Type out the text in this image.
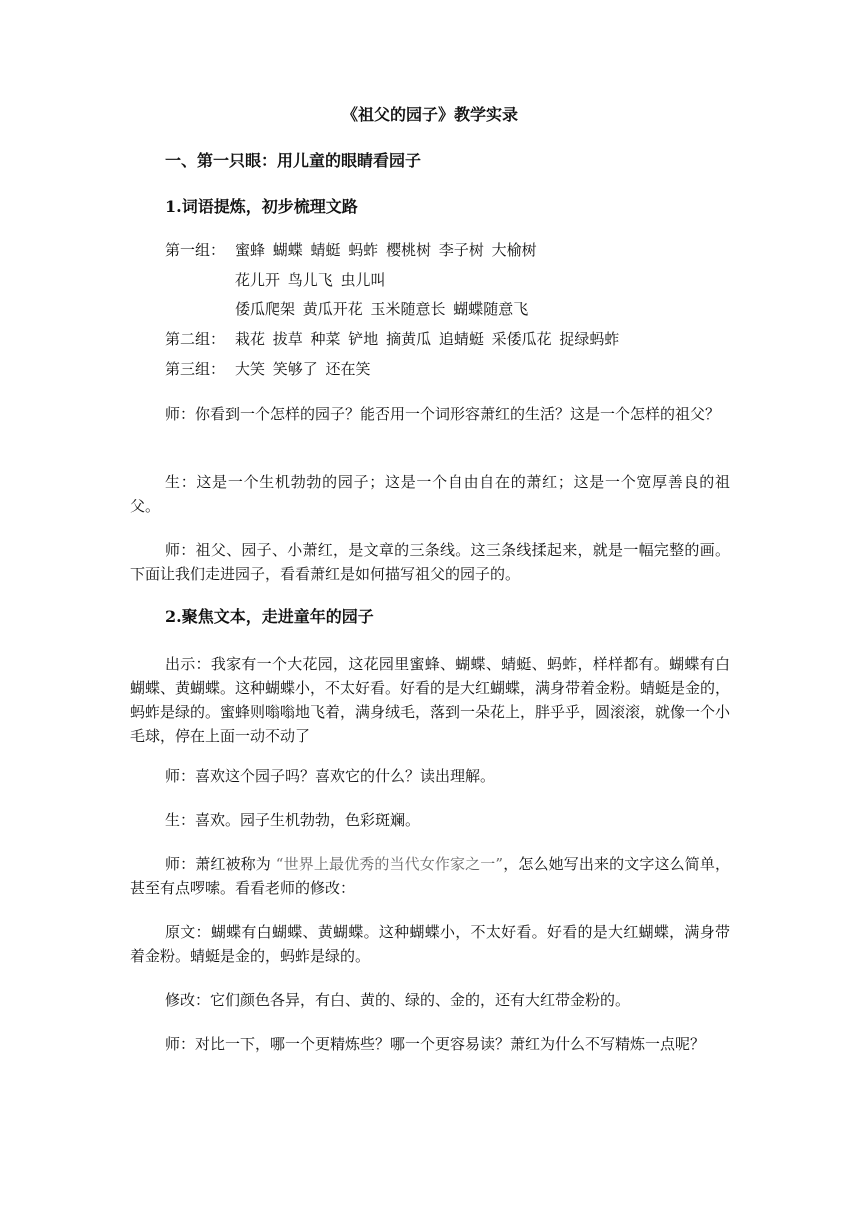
《祖父的园子》教学实录
一、第一只眼：用儿童的眼睛看园子
1.词语提炼，初步梳理文路
第一组： 蜜蜂 蝴蝶 蜻蜓 蚂蚱 樱桃树 李子树 大榆树
花儿开 鸟儿飞 虫儿叫
倭瓜爬架 黄瓜开花 玉米随意长 蝴蝶随意飞
第二组： 栽花 拔草 种菜 铲地 摘黄瓜 追蜻蜓 采倭瓜花 捉绿蚂蚱
第三组： 大笑 笑够了 还在笑
师：你看到一个怎样的园子？能否用一个词形容萧红的生活？这是一个怎样的祖父？
生：这是一个生机勃勃的园子；这是一个自由自在的萧红；这是一个宽厚善良的祖父。
师：祖父、园子、小萧红，是文章的三条线。这三条线揉起来，就是一幅完整的画。下面让我们走进园子，看看萧红是如何描写祖父的园子的。
2.聚焦文本，走进童年的园子
出示：我家有一个大花园，这花园里蜜蜂、蝴蝶、蜻蜓、蚂蚱，样样都有。蝴蝶有白蝴蝶、黄蝴蝶。这种蝴蝶小，不太好看。好看的是大红蝴蝶，满身带着金粉。蜻蜓是金的，蚂蚱是绿的。蜜蜂则嗡嗡地飞着，满身绒毛，落到一朵花上，胖乎乎，圆滚滚，就像一个小毛球，停在上面一动不动了
师：喜欢这个园子吗？喜欢它的什么？读出理解。
生：喜欢。园子生机勃勃，色彩斑斓。
师：萧红被称为 “世界上最优秀的当代女作家之一”，怎么她写出来的文字这么简单，甚至有点啰嗦。看看老师的修改：
原文：蝴蝶有白蝴蝶、黄蝴蝶。这种蝴蝶小，不太好看。好看的是大红蝴蝶，满身带着金粉。蜻蜓是金的，蚂蚱是绿的。
修改：它们颜色各异，有白、黄的、绿的、金的，还有大红带金粉的。
师：对比一下，哪一个更精炼些？哪一个更容易读？萧红为什么不写精炼一点呢？
